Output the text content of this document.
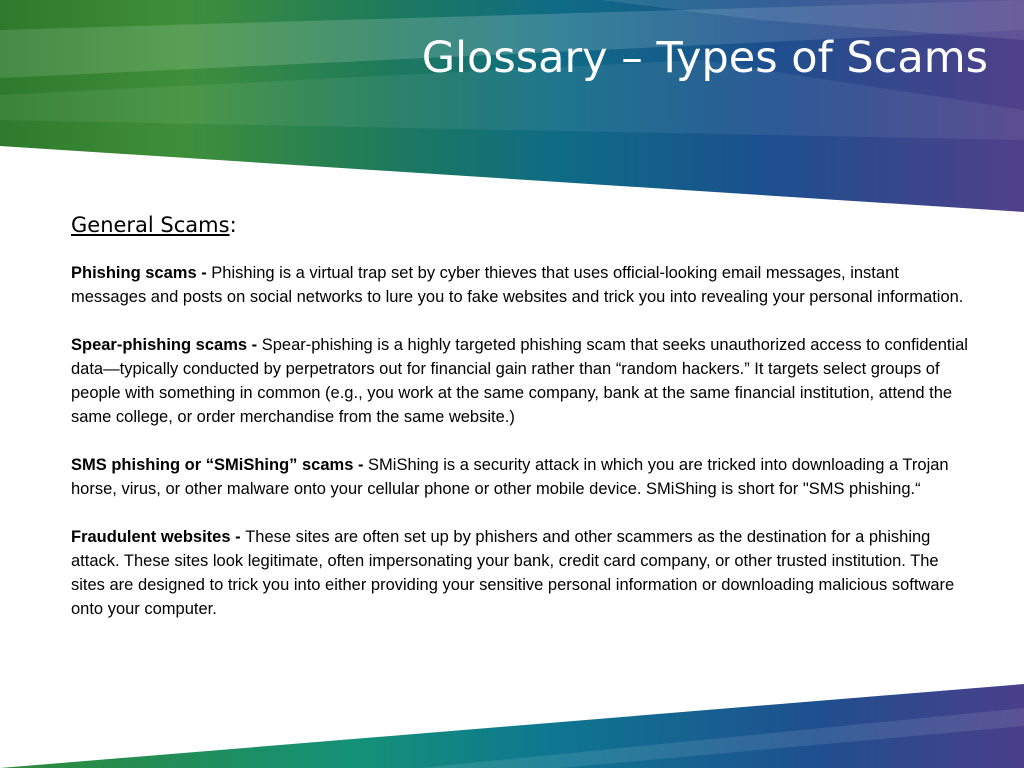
Glossary – Types of Scams
General Scams:

Phishing scams - Phishing is a virtual trap set by cyber thieves that uses official-looking email messages, instant messages and posts on social networks to lure you to fake websites and trick you into revealing your personal information.

Spear-phishing scams - Spear-phishing is a highly targeted phishing scam that seeks unauthorized access to confidential data—typically conducted by perpetrators out for financial gain rather than “random hackers.” It targets select groups of people with something in common (e.g., you work at the same company, bank at the same financial institution, attend the same college, or order merchandise from the same website.)

SMS phishing or “SMiShing” scams - SMiShing is a security attack in which you are tricked into downloading a Trojan horse, virus, or other malware onto your cellular phone or other mobile device. SMiShing is short for "SMS phishing.“

Fraudulent websites - These sites are often set up by phishers and other scammers as the destination for a phishing attack. These sites look legitimate, often impersonating your bank, credit card company, or other trusted institution. The sites are designed to trick you into either providing your sensitive personal information or downloading malicious software onto your computer.
